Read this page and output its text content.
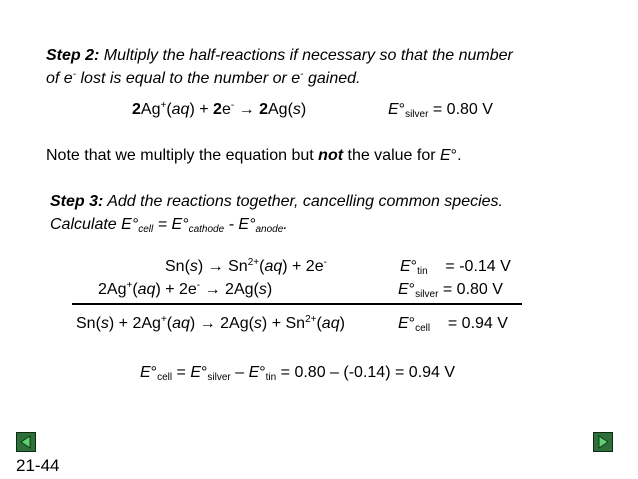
Step 2: Multiply the half-reactions if necessary so that the number
of e- lost is equal to the number or e- gained.
2Ag+(aq) + 2e- → 2Ag(s)	$E^\circ_{silver} = 0.80$ V
Note that we multiply the equation but not the value for E°.
Step 3: Add the reactions together, cancelling common species.
Calculate $E^\circ_{cell} = E^\circ_{cathode} - E^\circ_{anode}$.
$Sn(s) \to Sn^{2+}(aq) + 2e^-$	$E^\circ_{tin} = -0.14$ V
2Ag+(aq) + 2e- → 2Ag(s)	$E^\circ_{silver} = 0.80$ V
$Sn(s) + 2Ag^+(aq) \to 2Ag(s) + Sn^{2+}(aq)$	$E^\circ_{cell} = 0.94$ V
$E^\circ_{cell} = E^\circ_{silver} - E^\circ_{tin} = 0.80 - (-0.14) = 0.94$ V
21-44
